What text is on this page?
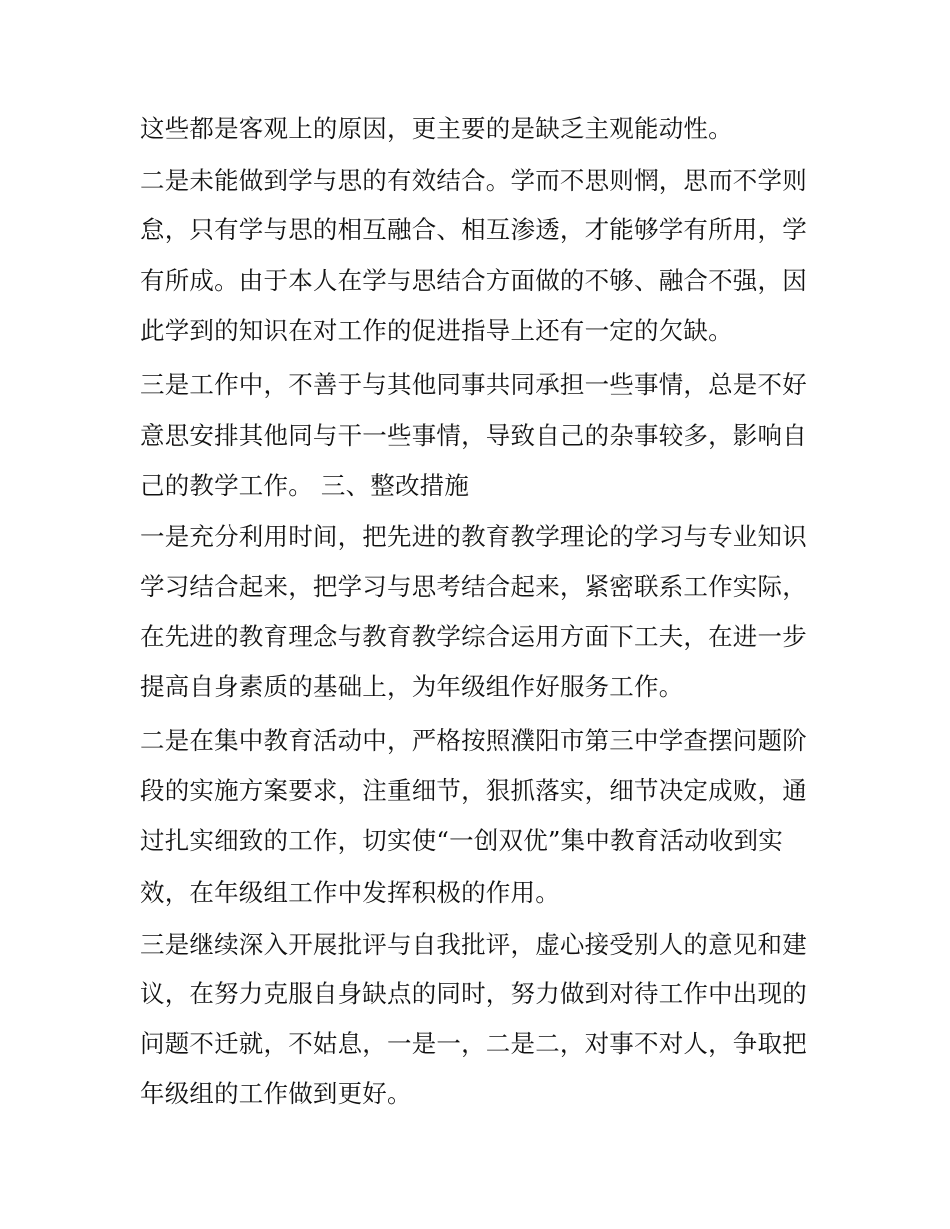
这些都是客观上的原因，更主要的是缺乏主观能动性。
二是未能做到学与思的有效结合。学而不思则惘，思而不学则
怠，只有学与思的相互融合、相互渗透，才能够学有所用，学
有所成。由于本人在学与思结合方面做的不够、融合不强，因
此学到的知识在对工作的促进指导上还有一定的欠缺。
三是工作中，不善于与其他同事共同承担一些事情，总是不好
意思安排其他同与干一些事情，导致自己的杂事较多，影响自
己的教学工作。 三、整改措施
一是充分利用时间，把先进的教育教学理论的学习与专业知识
学习结合起来，把学习与思考结合起来，紧密联系工作实际，
在先进的教育理念与教育教学综合运用方面下工夫，在进一步
提高自身素质的基础上，为年级组作好服务工作。
二是在集中教育活动中，严格按照濮阳市第三中学查摆问题阶
段的实施方案要求，注重细节，狠抓落实，细节决定成败，通
过扎实细致的工作，切实使“一创双优”集中教育活动收到实
效，在年级组工作中发挥积极的作用。
三是继续深入开展批评与自我批评，虚心接受别人的意见和建
议，在努力克服自身缺点的同时，努力做到对待工作中出现的
问题不迁就，不姑息，一是一，二是二，对事不对人，争取把
年级组的工作做到更好。
